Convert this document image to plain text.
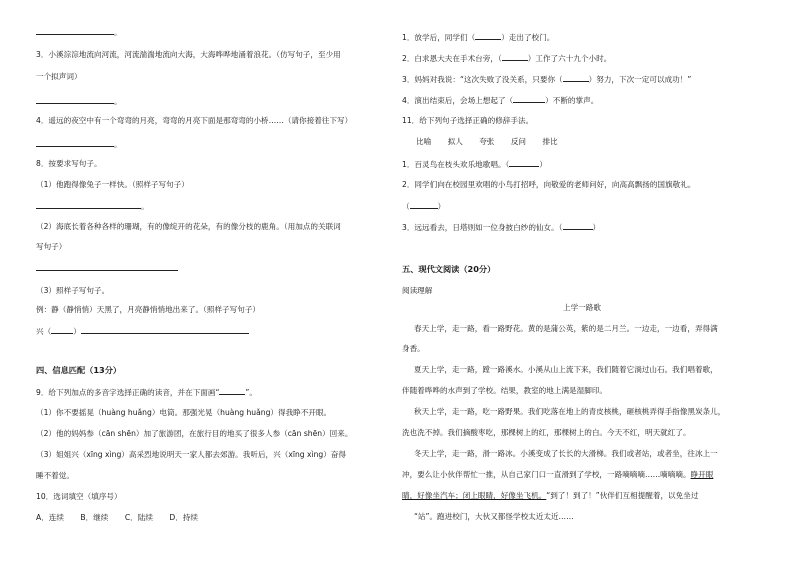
。
3．小溪淙淙地流向河流，河流湍湍地流向大海，大海哗哗地涌着浪花。（仿写句子，至少用
一个拟声词）
。
4．遥远的夜空中有一个弯弯的月亮，弯弯的月亮下面是那弯弯的小桥……（请你接着往下写）
。
8．按要求写句子。
（1）他跑得像兔子一样快。（照样子写句子）
。
（2）海底长着各种各样的珊瑚，有的像绽开的花朵，有的像分枝的鹿角。（用加点的关联词
写句子）
（3）照样子写句子。
例：静（静悄悄）天黑了，月亮静悄悄地出来了。（照样子写句子）
兴（	）
四、信息匹配（13分）
9．给下列加点的多音字选择正确的读音，并在下面画“	”。
（1）你不要摇晃（huàng huǎng）电筒。那强光晃（huàng huǎng）得我睁不开眼。
（2）他的妈妈参（cān shēn）加了旅游团，在旅行目的地买了很多人参（cān shēn）回来。
（3）姐姐兴（xīng xìng）高采烈地说明天一家人都去郊游。我听后，兴（xīng xìng）奋得
睡不着觉。
10．选词填空（填序号）
A．连续 B．继续 C．陆续 D．持续
1．放学后，同学们（	）走出了校门。
2．白求恩大夫在手术台旁，（	）工作了六十九个小时。
3．妈妈对我说：“这次失败了没关系，只要你（	）努力，下次一定可以成功！”
4．演出结束后，会场上想起了（	）不断的掌声。
11．给下列句子选择正确的修辞手法。
比喻 拟人 夸张 反问 排比
1．百灵鸟在枝头欢乐地歌唱。（	）
2．同学们向在校园里欢唱的小鸟打招呼，向敬爱的老师问好，向高高飘扬的国旗敬礼。
（	）
3．远远看去，日塔则如一位身披白纱的仙女。（	）
五、现代文阅读（20分）
阅读理解
上学一路歌
春天上学，走一路，看一路野花。黄的是蒲公英，紫的是二月兰。一边走，一边看，弄得满
身香。
夏天上学，走一路，蹚一路溪水。小溪从山上流下来，我们随着它淌过山石。我们唱着歌，
伴随着哗哗的水声到了学校。结果，教室的地上满是湿脚印。
秋天上学，走一路，吃一路野果。我们吃落在地上的青皮核桃，砸核桃弄得手指像黑炭条儿，
洗也洗不掉。我们摘酸枣吃，那棵树上的红，那棵树上的白。今天不红，明天就红了。
冬天上学，走一路，滑一路冰。小溪变成了长长的大滑梯。我们或者站，或者坐，往冰上一
冲，要么让小伙伴帮忙一推，从自己家门口一直滑到了学校，一路嘀嘀嘀……嘀嘀嘀。睁开眼
睛，好像坐汽车；闭上眼睛，好像坐飞机。“到了！到了！”伙伴们互相提醒着，以免坐过
“站”。跑进校门，大伙又都怪学校太近太近……
